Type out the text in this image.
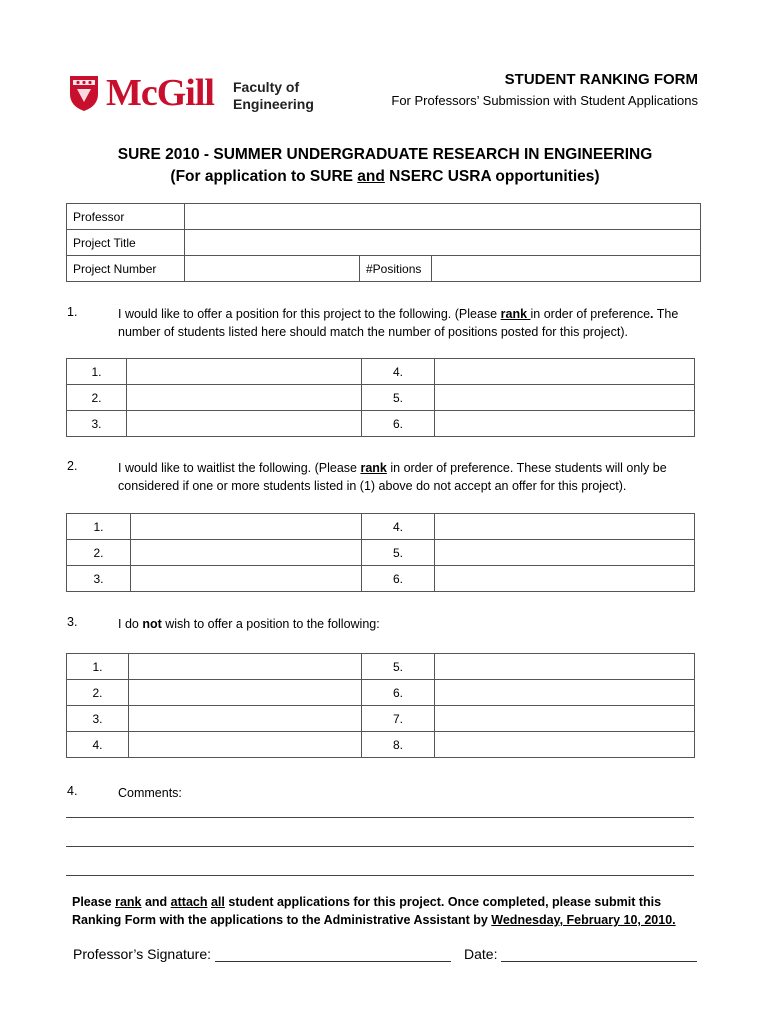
McGill Faculty of
Engineering
STUDENT RANKING FORM
For Professors’ Submission with Student Applications
SURE 2010 - SUMMER UNDERGRADUATE RESEARCH IN ENGINEERING
(For application to SURE and NSERC USRA opportunities)
Professor			
Project Title			
Project Number		#Positions	
1.	I would like to offer a position for this project to the following. (Please rank in order of preference. The number of students listed here should match the number of positions posted for this project).
1.		4.	
2.		5.	
3.		6.	
2.	I would like to waitlist the following. (Please rank in order of preference. These students will only be considered if one or more students listed in (1) above do not accept an offer for this project).
1.		4.	
2.		5.	
3.		6.	
3.	I do not wish to offer a position to the following:
1.		5.	
2.		6.	
3.		7.	
4.		8.	
4.	Comments:
Please rank and attach all student applications for this project. Once completed, please submit this Ranking Form with the applications to the Administrative Assistant by Wednesday, February 10, 2010.
Professor’s Signature:	Date:
